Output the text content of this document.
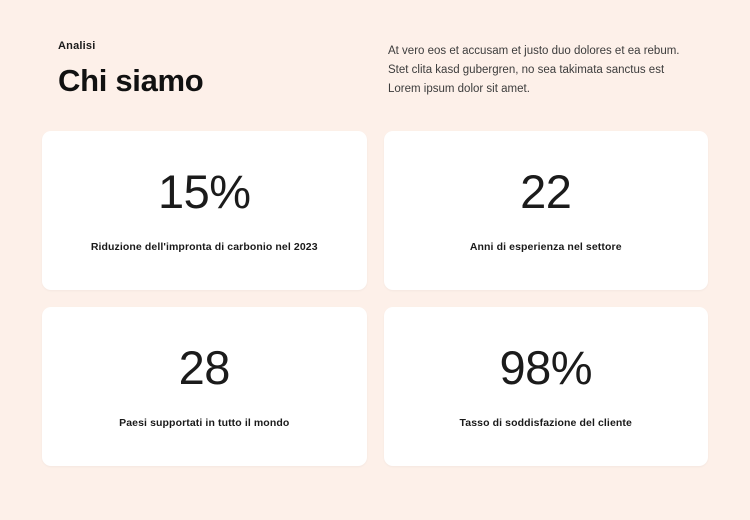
Analisi
Chi siamo

At vero eos et accusam et justo duo dolores et ea rebum. Stet clita kasd gubergren, no sea takimata sanctus est Lorem ipsum dolor sit amet.

15%
Riduzione dell'impronta di carbonio nel 2023
22
Anni di esperienza nel settore
28
Paesi supportati in tutto il mondo
98%
Tasso di soddisfazione del cliente
